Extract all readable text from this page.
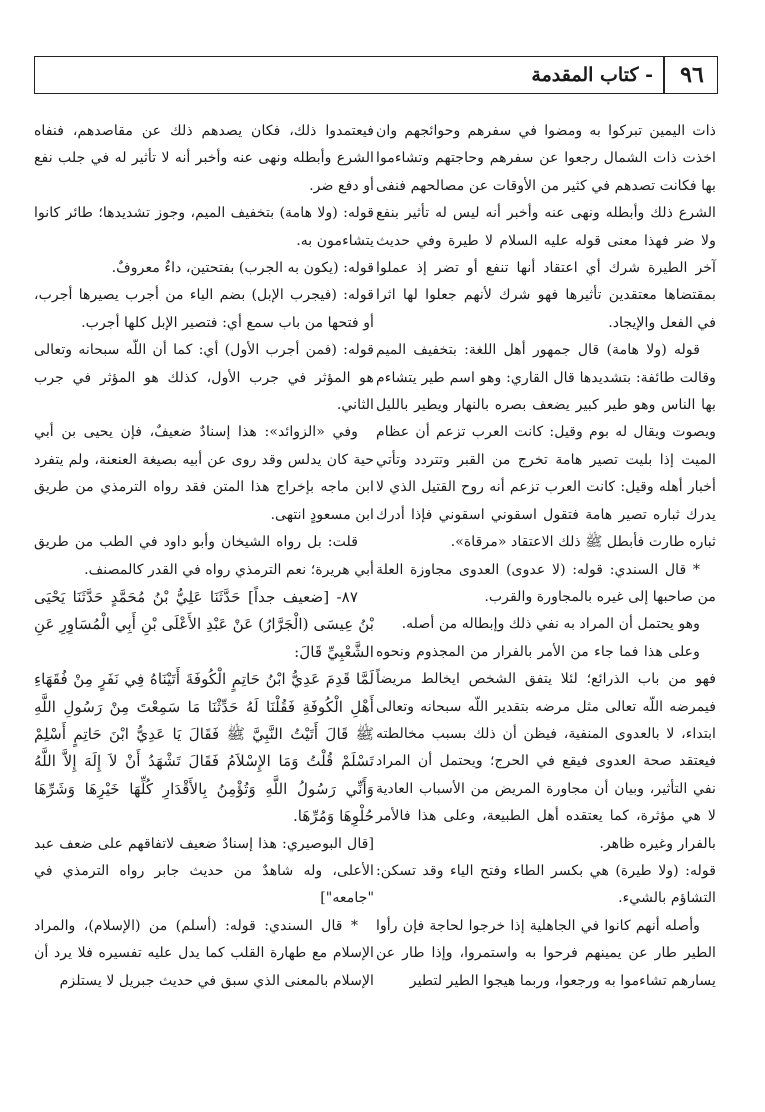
٩٦
- كتاب المقدمة

ذات اليمين تبركوا به ومضوا في سفرهم وحوائجهم وان اخذت ذات الشمال رجعوا عن سفرهم وحاجتهم وتشاءموا بها فكانت تصدهم في كثير من الأوقات عن مصالحهم فنفى الشرع ذلك وأبطله ونهى عنه وأخبر أنه ليس له تأثير بنفع ولا ضر فهذا معنى قوله عليه السلام لا طيرة وفي حديث آخر الطيرة شرك أي اعتقاد أنها تنفع أو تضر إذ عملوا بمقتضاها معتقدين تأثيرها فهو شرك لأنهم جعلوا لها اثرا في الفعل والإيجاد.

قوله (ولا هامة) قال جمهور أهل اللغة: بتخفيف الميم وقالت طائفة: بتشديدها قال القاري: وهو اسم طير يتشاءم بها الناس وهو طير كبير يضعف بصره بالنهار ويطير بالليل ويصوت ويقال له بوم وقيل: كانت العرب تزعم أن عظام الميت إذا بليت تصير هامة تخرج من القبر وتتردد وتأتي أخبار أهله وقيل: كانت العرب تزعم أنه روح القتيل الذي لا يدرك ثباره تصير هامة فتقول اسقوني اسقوني فإذا أدرك ثباره طارت فأبطل ﷺ ذلك الاعتقاد «مرقاة».

* قال السندي: قوله: (لا عدوى) العدوى مجاوزة العلة من صاحبها إلى غيره بالمجاورة والقرب.

وهو يحتمل أن المراد به نفي ذلك وإبطاله من أصله.

وعلى هذا فما جاء من الأمر بالفرار من المجذوم ونحوه فهو من باب الذرائع؛ لئلا يتفق الشخص ايخالط مريضاً فيمرضه اللّه تعالى مثل مرضه بتقدير اللّه سبحانه وتعالى ابتداء، لا بالعدوى المنفية، فيظن أن ذلك بسبب مخالطته فيعتقد صحة العدوى فيقع في الحرج؛ ويحتمل أن المراد نفي التأثير، وبيان أن مجاورة المريض من الأسباب العادية لا هي مؤثرة، كما يعتقده أهل الطبيعة، وعلى هذا فالأمر بالفرار وغيره ظاهر.

قوله: (ولا طيرة) هي بكسر الطاء وفتح الياء وقد تسكن: التشاؤم بالشيء.

وأصله أنهم كانوا في الجاهلية إذا خرجوا لحاجة فإن رأوا الطير طار عن يمينهم فرحوا به واستمروا، وإذا طار عن يسارهم تشاءموا به ورجعوا، وربما هيجوا الطير لتطير

فيعتمدوا ذلك، فكان يصدهم ذلك عن مقاصدهم، فنفاه الشرع وأبطله ونهى عنه وأخبر أنه لا تأثير له في جلب نفع أو دفع ضر.

قوله: (ولا هامة) بتخفيف الميم، وجوز تشديدها؛ طائر كانوا يتشاءمون به.

قوله: (يكون به الجرب) بفتحتين، داءٌ معروفٌ.

قوله: (فيجرب الإبل) بضم الياء من أجرب يصيرها أجرب، أو فتحها من باب سمع أي: فتصير الإبل كلها أجرب.

قوله: (فمن أجرب الأول) أي: كما أن اللّه سبحانه وتعالى هو المؤثر في جرب الأول، كذلك هو المؤثر في جرب الثاني.

وفي «الزوائد»: هذا إسنادٌ ضعيفٌ، فإن يحيى بن أبي حية كان يدلس وقد روى عن أبيه بصيغة العنعنة، ولم يتفرد ابن ماجه بإخراج هذا المتن فقد رواه الترمذي من طريق ابن مسعودٍ انتهى.

قلت: بل رواه الشيخان وأبو داود في الطب من طريق أبي هريرة؛ نعم الترمذي رواه في القدر كالمصنف.

٨٧- [ضعيف جداً] حَدَّثَنَا عَلِيُّ بْنُ مُحَمَّدٍ حَدَّثَنَا يَحْيَى بْنُ عِيسَى (الْجَرَّارُ) عَنْ عَبْدِ الأَعْلَى بْنِ أَبِي الْمُسَاوِرِ عَنِ الشَّعْبِيِّ قَالَ:

لَمَّا قَدِمَ عَدِيُّ ابْنُ حَاتِمٍ الْكُوفَةَ أَتَيْنَاهُ فِي نَفَرٍ مِنْ فُقَهَاءِ أَهْلِ الْكُوفَةِ فَقُلْنَا لَهُ حَدِّثْنَا مَا سَمِعْتَ مِنْ رَسُولِ اللَّهِ ﷺ قَالَ أَتَيْتُ النَّبِيَّ ﷺ فَقَالَ يَا عَدِيُّ ابْنَ حَاتِمٍ أَسْلِمْ تَسْلَمْ قُلْتُ وَمَا الإِسْلاَمُ فَقَالَ تَشْهَدُ أَنْ لاَ إِلَهَ إِلاَّ اللَّهُ وَأَنِّي رَسُولُ اللَّهِ وَتُؤْمِنُ بِالأَقْدَارِ كُلِّهَا خَيْرِهَا وَشَرِّهَا حُلْوِهَا وَمُرِّهَا.

[قال البوصيري: هذا إسنادٌ ضعيف لاتفاقهم على ضعف عبد الأعلى، وله شاهدٌ من حديث جابر رواه الترمذي في "جامعه"]

* قال السندي: قوله: (أسلم) من (الإسلام)، والمراد الإسلام مع طهارة القلب كما يدل عليه تفسيره فلا يرد أن الإسلام بالمعنى الذي سبق في حديث جبريل لا يستلزم
